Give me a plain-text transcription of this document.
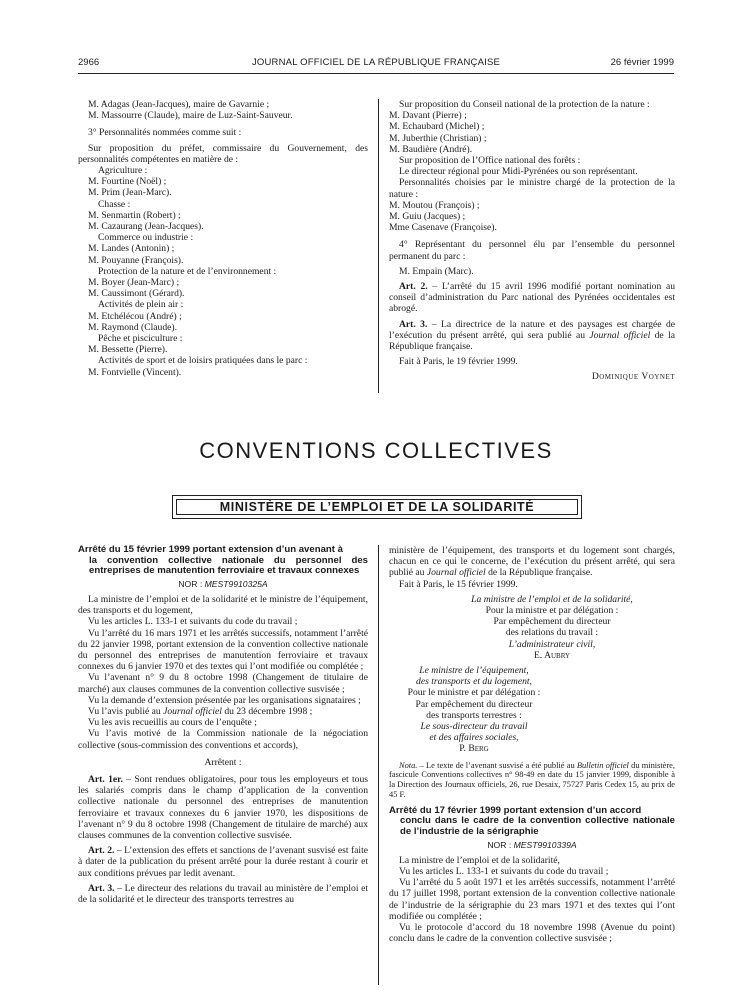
2966	JOURNAL OFFICIEL DE LA RÉPUBLIQUE FRANÇAISE	26 février 1999

M. Adagas (Jean-Jacques), maire de Gavarnie ;

M. Massourre (Claude), maire de Luz-Saint-Sauveur.

3° Personnalités nommées comme suit :

Sur proposition du préfet, commissaire du Gouvernement, des personnalités compétentes en matière de :

Agriculture :

M. Fourtine (Noël) ;

M. Prim (Jean-Marc).

Chasse :

M. Senmartin (Robert) ;

M. Cazaurang (Jean-Jacques).

Commerce ou industrie :

M. Landes (Antonin) ;

M. Pouyanne (François).

Protection de la nature et de l’environnement :

M. Boyer (Jean-Marc) ;

M. Caussimont (Gérard).

Activités de plein air :

M. Etchélécou (André) ;

M. Raymond (Claude).

Pêche et pisciculture :

M. Bessette (Pierre).

Activités de sport et de loisirs pratiquées dans le parc :

M. Fontvielle (Vincent).

Sur proposition du Conseil national de la protection de la nature :

M. Davant (Pierre) ;

M. Echaubard (Michel) ;

M. Juberthie (Christian) ;

M. Baudière (André).

Sur proposition de l’Office national des forêts :

Le directeur régional pour Midi-Pyrénées ou son représentant.

Personnalités choisies par le ministre chargé de la protection de la nature :

M. Moutou (François) ;

M. Guiu (Jacques) ;

Mme Casenave (Françoise).

4° Représentant du personnel élu par l’ensemble du personnel permanent du parc :

M. Empain (Marc).

Art. 2. – L’arrêté du 15 avril 1996 modifié portant nomination au conseil d’administration du Parc national des Pyrénées occidentales est abrogé.

Art. 3. – La directrice de la nature et des paysages est chargée de l’exécution du présent arrêté, qui sera publié au Journal officiel de la République française.

Fait à Paris, le 19 février 1999.

Dominique Voynet

CONVENTIONS COLLECTIVES
MINISTÈRE DE L’EMPLOI ET DE LA SOLIDARITÉ
Arrêté du 15 février 1999 portant extension d’un avenant à
la convention collective nationale du personnel des entreprises de manutention ferroviaire et travaux connexes
NOR : MEST9910325A

La ministre de l’emploi et de la solidarité et le ministre de l’équipement, des transports et du logement,

Vu les articles L. 133-1 et suivants du code du travail ;

Vu l’arrêté du 16 mars 1971 et les arrêtés successifs, notamment l’arrêté du 22 janvier 1998, portant extension de la convention collective nationale du personnel des entreprises de manutention ferroviaire et travaux connexes du 6 janvier 1970 et des textes qui l’ont modifiée ou complétée ;

Vu l’avenant n° 9 du 8 octobre 1998 (Changement de titulaire de marché) aux clauses communes de la convention collective susvisée ;

Vu la demande d’extension présentée par les organisations signataires ;

Vu l’avis publié au Journal officiel du 23 décembre 1998 ;

Vu les avis recueillis au cours de l’enquête ;

Vu l’avis motivé de la Commission nationale de la négociation collective (sous-commission des conventions et accords),

Arrêtent :

Art. 1er. – Sont rendues obligatoires, pour tous les employeurs et tous les salariés compris dans le champ d’application de la convention collective nationale du personnel des entreprises de manutention ferroviaire et travaux connexes du 6 janvier 1970, les dispositions de l’avenant n° 9 du 8 octobre 1998 (Changement de titulaire de marché) aux clauses communes de la convention collective susvisée.

Art. 2. – L’extension des effets et sanctions de l’avenant susvisé est faite à dater de la publication du présent arrêté pour la durée restant à courir et aux conditions prévues par ledit avenant.

Art. 3. – Le directeur des relations du travail au ministère de l’emploi et de la solidarité et le directeur des transports terrestres au

ministère de l’équipement, des transports et du logement sont chargés, chacun en ce qui le concerne, de l’exécution du présent arrêté, qui sera publié au Journal officiel de la République française.

Fait à Paris, le 15 février 1999.

La ministre de l’emploi et de la solidarité,

Pour la ministre et par délégation :

Par empêchement du directeur

des relations du travail :

L’administrateur civil,

E. Aubry

Le ministre de l’équipement,

des transports et du logement,

Pour le ministre et par délégation :

Par empêchement du directeur

des transports terrestres :

Le sous-directeur du travail

et des affaires sociales,

P. Berg

Nota. – Le texte de l’avenant susvisé a été publié au Bulletin officiel du ministère, fascicule Conventions collectives n° 98-49 en date du 15 janvier 1999, disponible à la Direction des Journaux officiels, 26, rue Desaix, 75727 Paris Cedex 15, au prix de 45 F.

Arrêté du 17 février 1999 portant extension d’un accord
conclu dans le cadre de la convention collective nationale de l’industrie de la sérigraphie
NOR : MEST9910339A

La ministre de l’emploi et de la solidarité,

Vu les articles L. 133-1 et suivants du code du travail ;

Vu l’arrêté du 5 août 1971 et les arrêtés successifs, notamment l’arrêté du 17 juillet 1998, portant extension de la convention collective nationale de l’industrie de la sérigraphie du 23 mars 1971 et des textes qui l’ont modifiée ou complétée ;

Vu le protocole d’accord du 18 novembre 1998 (Avenue du point) conclu dans le cadre de la convention collective susvisée ;
